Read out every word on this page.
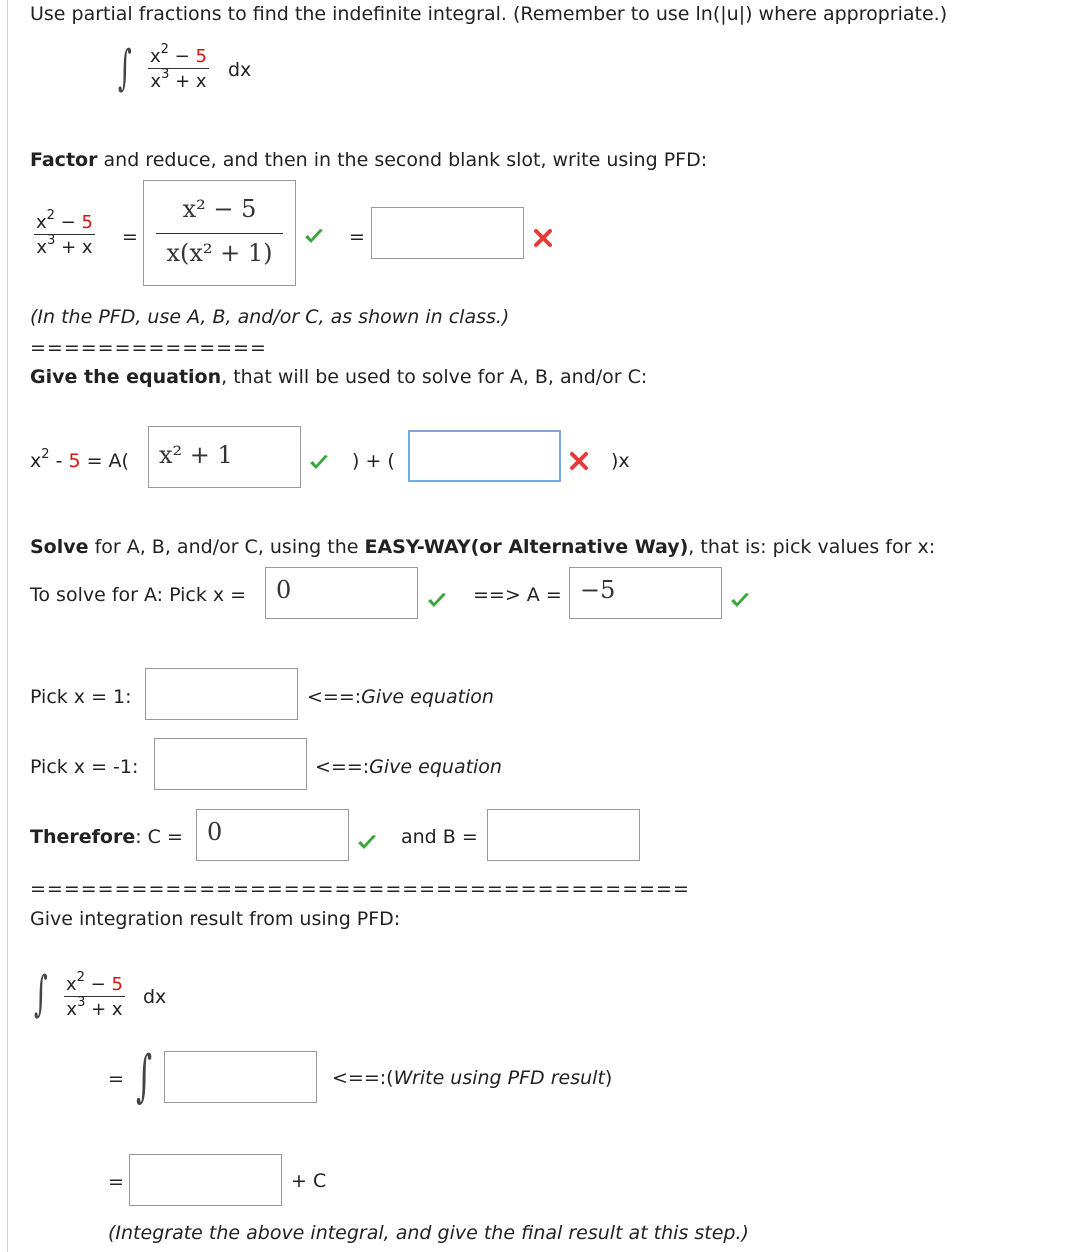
Use partial fractions to find the indefinite integral. (Remember to use ln(|u|) where appropriate.)
∫ $x^2 - 5$
$x^3 + x$
dx
Factor and reduce, and then in the second blank slot, write using PFD:
$x^2 - 5$
$x^3 + x$ =
x² − 5
x(x² + 1)
=
(In the PFD, use A, B, and/or C, as shown in class.)
==============
Give the equation, that will be used to solve for A, B, and/or C:
$x^2 - 5 = A$( x² + 1	) + (	)x
Solve for A, B, and/or C, using the EASY-WAY(or Alternative Way), that is: pick values for x:
To solve for A: Pick x = 0	==> A = −5
Pick x = 1:	<==:Give equation
Pick x = -1:	<==:Give equation
Therefore: C = 0	and B =
=======================================
Give integration result from using PFD:
∫ $x^2 - 5$
$x^3 + x$
dx
= ∫	<==:(Write using PFD result)
=	+ C
(Integrate the above integral, and give the final result at this step.)
